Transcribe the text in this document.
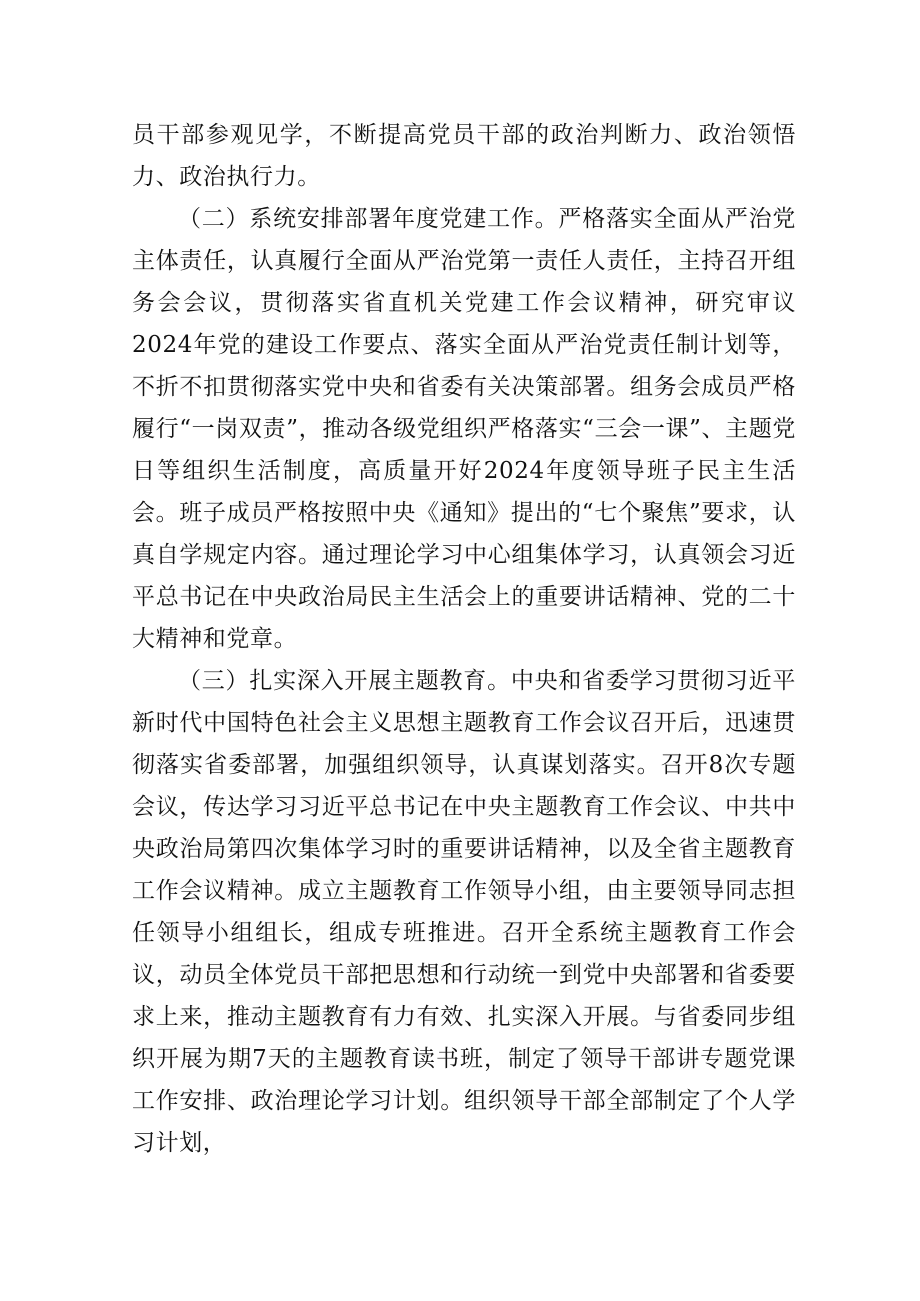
员干部参观见学，不断提高党员干部的政治判断力、政治领悟力、政治执行力。

（二）系统安排部署年度党建工作。严格落实全面从严治党主体责任，认真履行全面从严治党第一责任人责任，主持召开组务会会议，贯彻落实省直机关党建工作会议精神，研究审议2024年党的建设工作要点、落实全面从严治党责任制计划等，不折不扣贯彻落实党中央和省委有关决策部署。组务会成员严格履行“一岗双责”，推动各级党组织严格落实“三会一课”、主题党日等组织生活制度，高质量开好2024年度领导班子民主生活会。班子成员严格按照中央《通知》提出的“七个聚焦”要求，认真自学规定内容。通过理论学习中心组集体学习，认真领会习近平总书记在中央政治局民主生活会上的重要讲话精神、党的二十大精神和党章。

（三）扎实深入开展主题教育。中央和省委学习贯彻习近平新时代中国特色社会主义思想主题教育工作会议召开后，迅速贯彻落实省委部署，加强组织领导，认真谋划落实。召开8次专题会议，传达学习习近平总书记在中央主题教育工作会议、中共中央政治局第四次集体学习时的重要讲话精神，以及全省主题教育工作会议精神。成立主题教育工作领导小组，由主要领导同志担任领导小组组长，组成专班推进。召开全系统主题教育工作会议，动员全体党员干部把思想和行动统一到党中央部署和省委要求上来，推动主题教育有力有效、扎实深入开展。与省委同步组织开展为期7天的主题教育读书班，制定了领导干部讲专题党课工作安排、政治理论学习计划。组织领导干部全部制定了个人学习计划，
